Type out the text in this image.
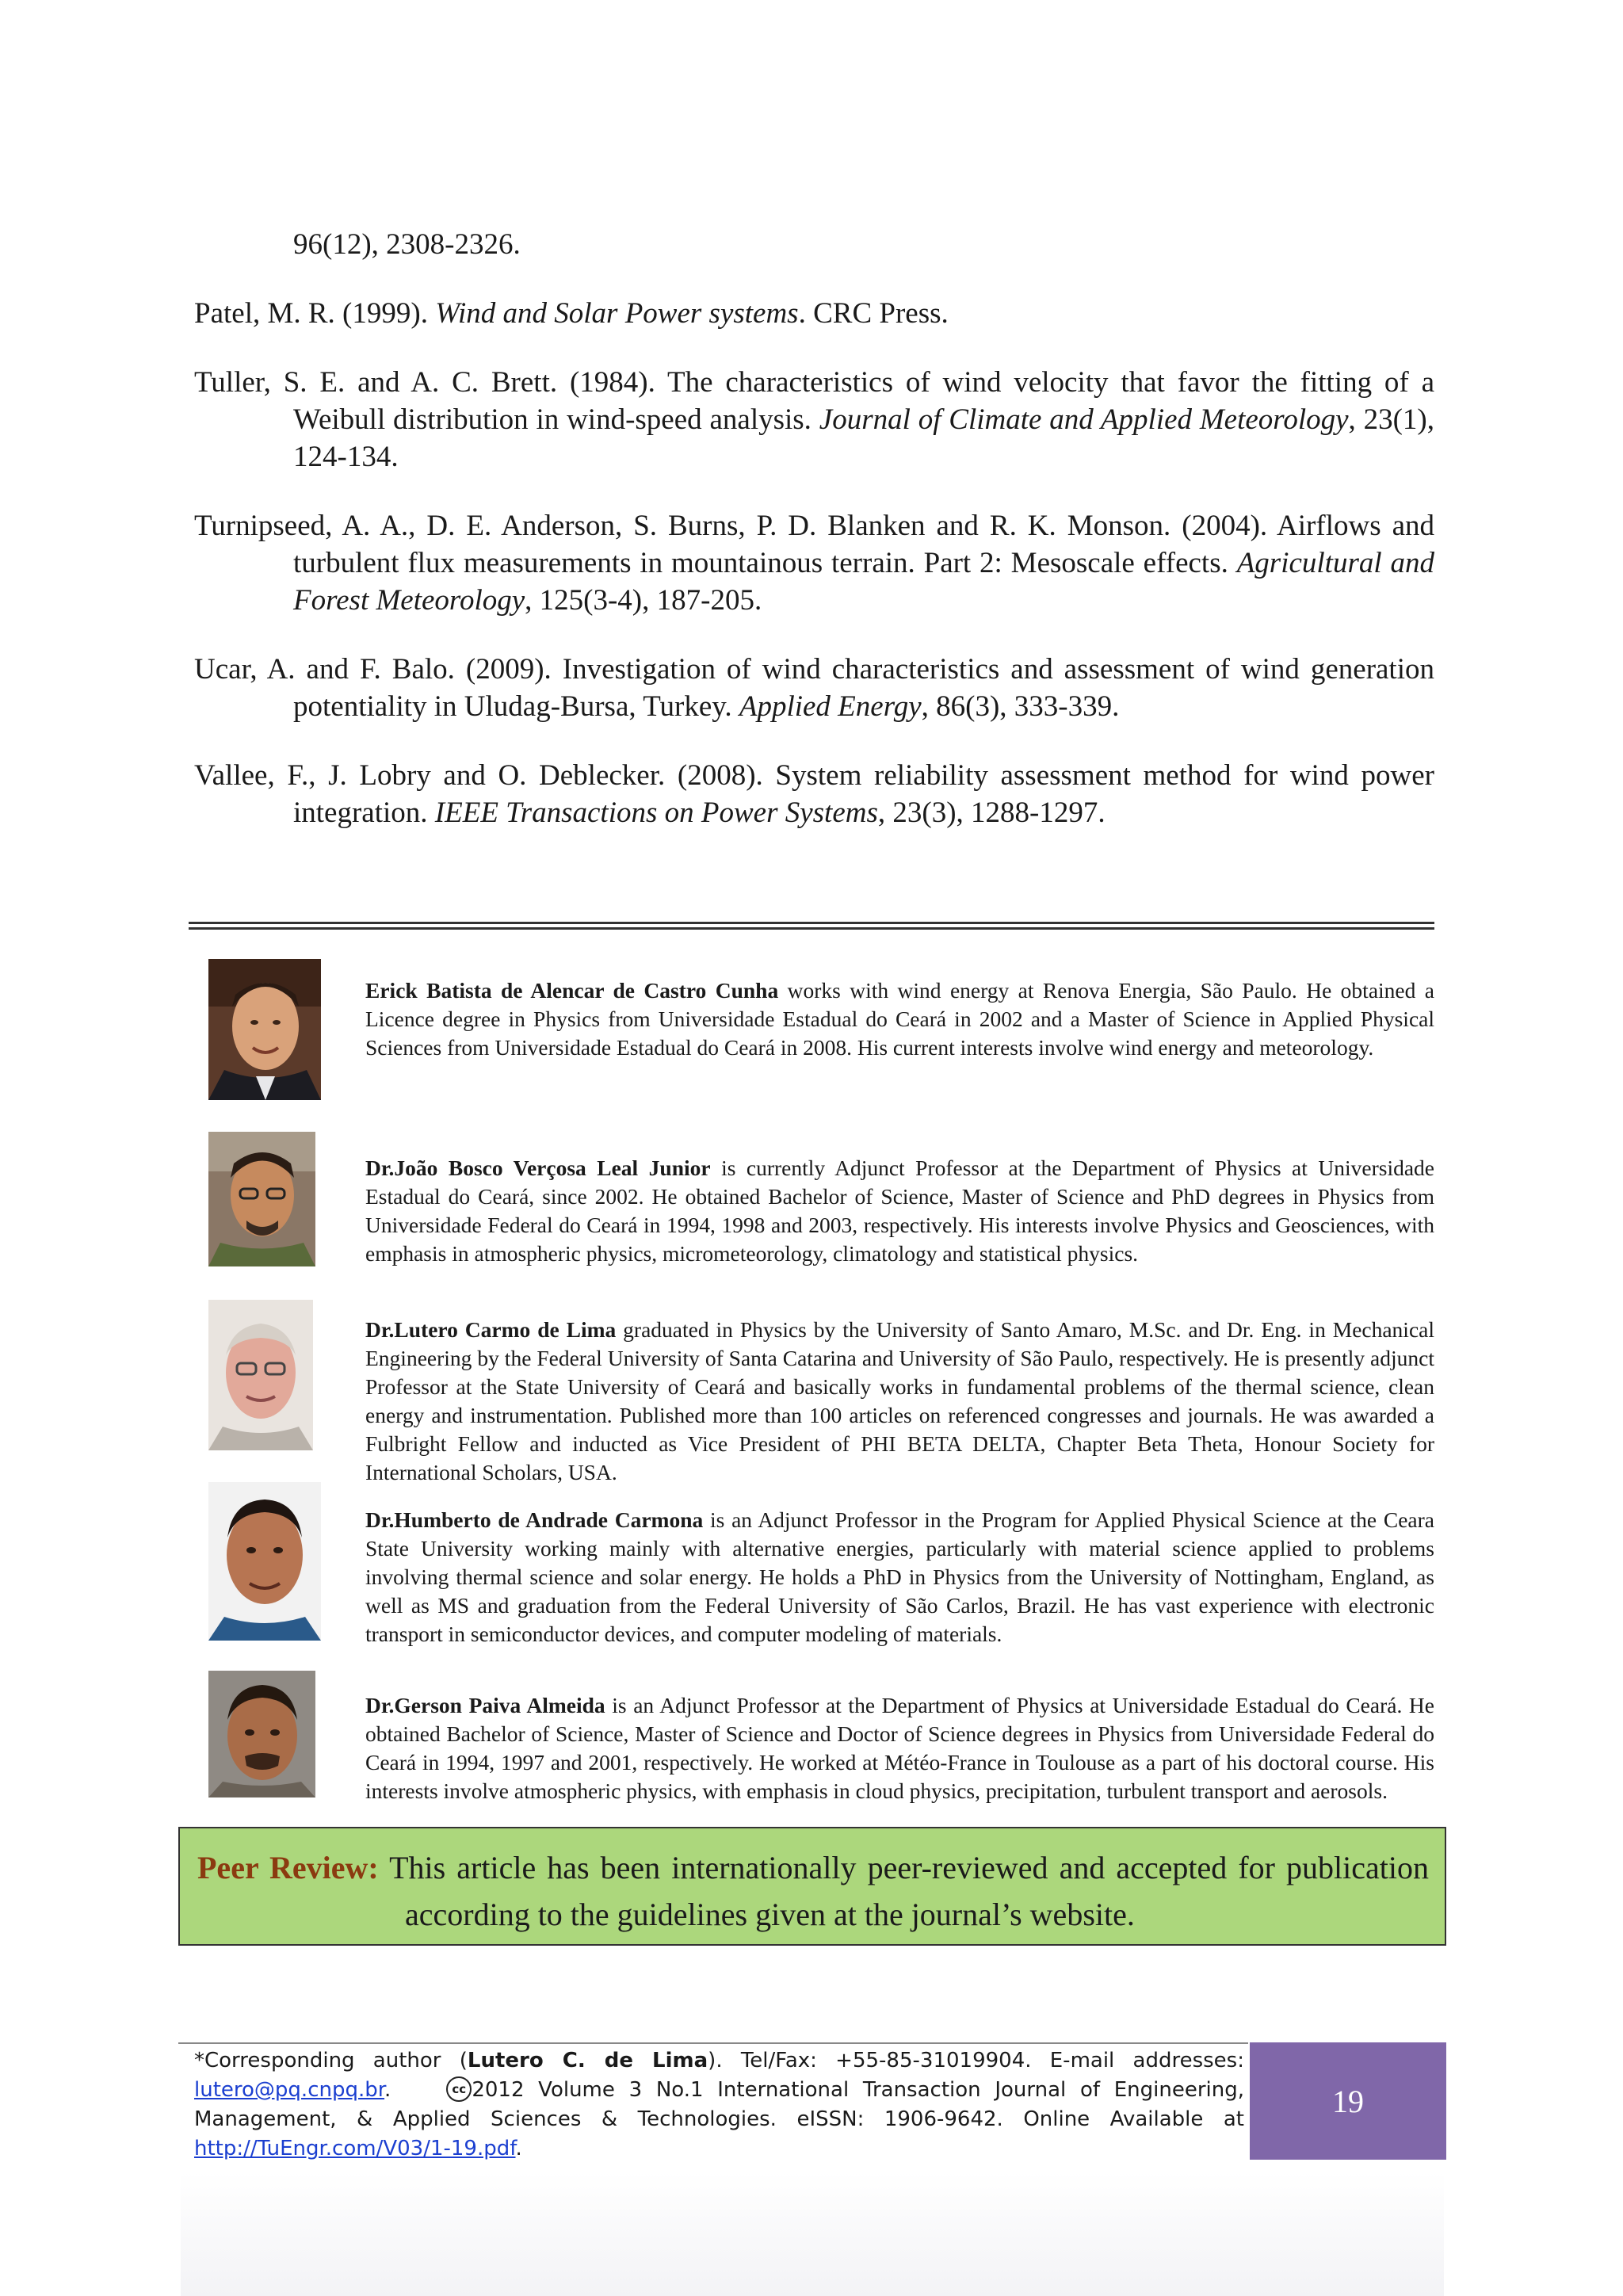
96(12), 2308-2326.

Patel, M. R. (1999). Wind and Solar Power systems. CRC Press.

Tuller, S. E. and A. C. Brett. (1984). The characteristics of wind velocity that favor the fitting of a Weibull distribution in wind-speed analysis. Journal of Climate and Applied Meteorology, 23(1), 124-134.

Turnipseed, A. A., D. E. Anderson, S. Burns, P. D. Blanken and R. K. Monson. (2004). Airflows and turbulent flux measurements in mountainous terrain. Part 2: Mesoscale effects. Agricultural and Forest Meteorology, 125(3-4), 187-205.

Ucar, A. and F. Balo. (2009). Investigation of wind characteristics and assessment of wind generation potentiality in Uludag-Bursa, Turkey. Applied Energy, 86(3), 333-339.

Vallee, F., J. Lobry and O. Deblecker. (2008). System reliability assessment method for wind power integration. IEEE Transactions on Power Systems, 23(3), 1288-1297.

Erick Batista de Alencar de Castro Cunha works with wind energy at Renova Energia, São Paulo. He obtained a Licence degree in Physics from Universidade Estadual do Ceará in 2002 and a Master of Science in Applied Physical Sciences from Universidade Estadual do Ceará in 2008. His current interests involve wind energy and meteorology.

Dr.João Bosco Verçosa Leal Junior is currently Adjunct Professor at the Department of Physics at Universidade Estadual do Ceará, since 2002. He obtained Bachelor of Science, Master of Science and PhD degrees in Physics from Universidade Federal do Ceará in 1994, 1998 and 2003, respectively. His interests involve Physics and Geosciences, with emphasis in atmospheric physics, micrometeorology, climatology and statistical physics.

Dr.Lutero Carmo de Lima graduated in Physics by the University of Santo Amaro, M.Sc. and Dr. Eng. in Mechanical Engineering by the Federal University of Santa Catarina and University of São Paulo, respectively. He is presently adjunct Professor at the State University of Ceará and basically works in fundamental problems of the thermal science, clean energy and instrumentation. Published more than 100 articles on referenced congresses and journals. He was awarded a Fulbright Fellow and inducted as Vice President of PHI BETA DELTA, Chapter Beta Theta, Honour Society for International Scholars, USA.

Dr.Humberto de Andrade Carmona is an Adjunct Professor in the Program for Applied Physical Science at the Ceara State University working mainly with alternative energies, particularly with material science applied to problems involving thermal science and solar energy. He holds a PhD in Physics from the University of Nottingham, England, as well as MS and graduation from the Federal University of São Carlos, Brazil. He has vast experience with electronic transport in semiconductor devices, and computer modeling of materials.

Dr.Gerson Paiva Almeida is an Adjunct Professor at the Department of Physics at Universidade Estadual do Ceará. He obtained Bachelor of Science, Master of Science and Doctor of Science degrees in Physics from Universidade Federal do Ceará in 1994, 1997 and 2001, respectively. He worked at Météo-France in Toulouse as a part of his doctoral course. His interests involve atmospheric physics, with emphasis in cloud physics, precipitation, turbulent transport and aerosols.

Peer Review: This article has been internationally peer-reviewed and accepted for publication according to the guidelines given at the journal’s website.

*Corresponding author (Lutero C. de Lima). Tel/Fax: +55-85-31019904. E-mail addresses: lutero@pq.cnpq.br.	cc 2012 Volume 3 No.1 International Transaction Journal of Engineering, Management, & Applied Sciences & Technologies. eISSN: 1906-9642. Online Available at http://TuEngr.com/V03/1-19.pdf.
19
